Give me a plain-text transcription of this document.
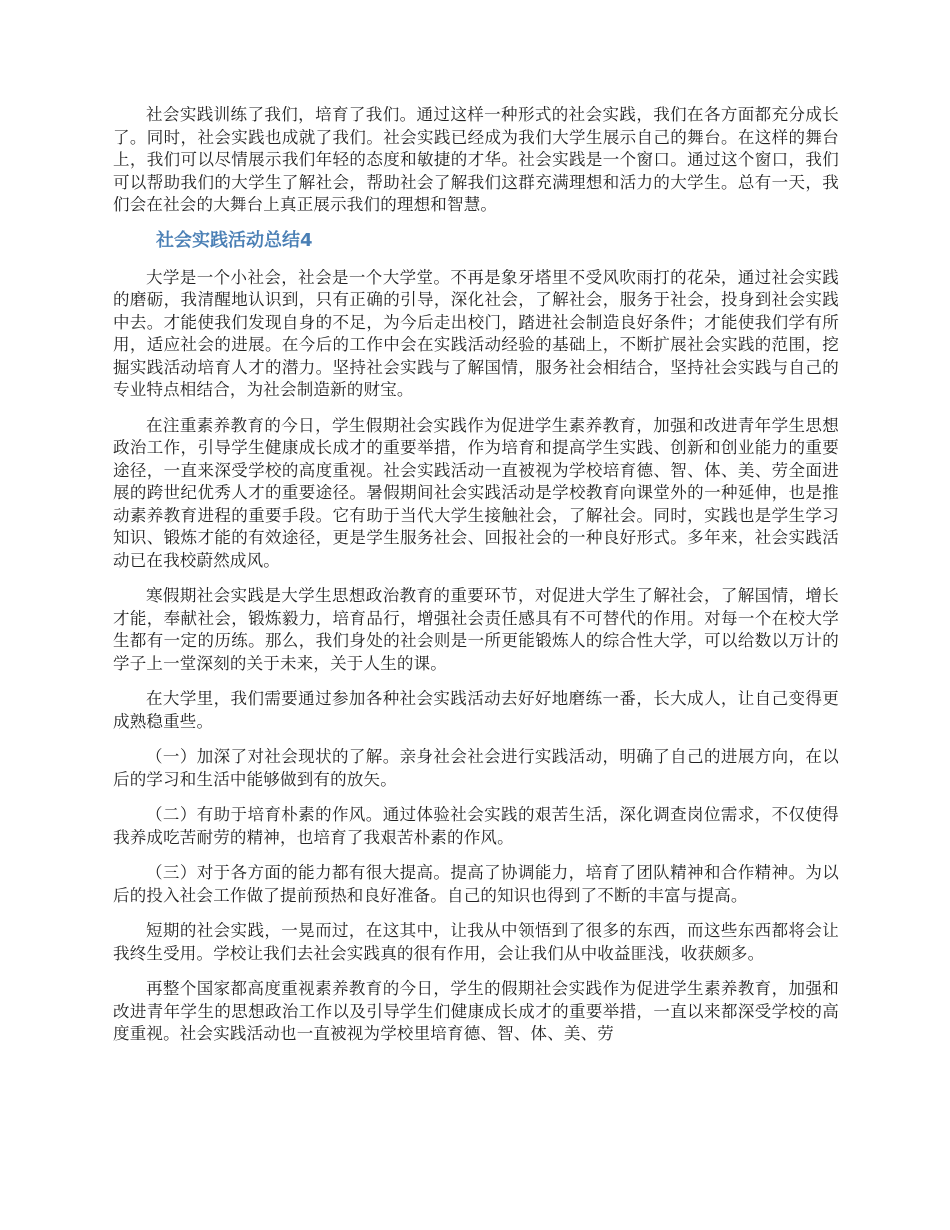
社会实践训练了我们，培育了我们。通过这样一种形式的社会实践，我们在各方面都充分成长了。同时，社会实践也成就了我们。社会实践已经成为我们大学生展示自己的舞台。在这样的舞台上，我们可以尽情展示我们年轻的态度和敏捷的才华。社会实践是一个窗口。通过这个窗口，我们可以帮助我们的大学生了解社会，帮助社会了解我们这群充满理想和活力的大学生。总有一天，我们会在社会的大舞台上真正展示我们的理想和智慧。

社会实践活动总结4

大学是一个小社会，社会是一个大学堂。不再是象牙塔里不受风吹雨打的花朵，通过社会实践的磨砺，我清醒地认识到，只有正确的引导，深化社会，了解社会，服务于社会，投身到社会实践中去。才能使我们发现自身的不足，为今后走出校门，踏进社会制造良好条件；才能使我们学有所用，适应社会的进展。在今后的工作中会在实践活动经验的基础上，不断扩展社会实践的范围，挖掘实践活动培育人才的潜力。坚持社会实践与了解国情，服务社会相结合，坚持社会实践与自己的专业特点相结合，为社会制造新的财宝。

在注重素养教育的今日，学生假期社会实践作为促进学生素养教育，加强和改进青年学生思想政治工作，引导学生健康成长成才的重要举措，作为培育和提高学生实践、创新和创业能力的重要途径，一直来深受学校的高度重视。社会实践活动一直被视为学校培育德、智、体、美、劳全面进展的跨世纪优秀人才的重要途径。暑假期间社会实践活动是学校教育向课堂外的一种延伸，也是推动素养教育进程的重要手段。它有助于当代大学生接触社会，了解社会。同时，实践也是学生学习知识、锻炼才能的有效途径，更是学生服务社会、回报社会的一种良好形式。多年来，社会实践活动已在我校蔚然成风。

寒假期社会实践是大学生思想政治教育的重要环节，对促进大学生了解社会，了解国情，增长才能，奉献社会，锻炼毅力，培育品行，增强社会责任感具有不可替代的作用。对每一个在校大学生都有一定的历练。那么，我们身处的社会则是一所更能锻炼人的综合性大学，可以给数以万计的学子上一堂深刻的关于未来，关于人生的课。

在大学里，我们需要通过参加各种社会实践活动去好好地磨练一番，长大成人，让自己变得更成熟稳重些。

（一）加深了对社会现状的了解。亲身社会社会进行实践活动，明确了自己的进展方向，在以后的学习和生活中能够做到有的放矢。

（二）有助于培育朴素的作风。通过体验社会实践的艰苦生活，深化调查岗位需求，不仅使得我养成吃苦耐劳的精神，也培育了我艰苦朴素的作风。

（三）对于各方面的能力都有很大提高。提高了协调能力，培育了团队精神和合作精神。为以后的投入社会工作做了提前预热和良好准备。自己的知识也得到了不断的丰富与提高。

短期的社会实践，一晃而过，在这其中，让我从中领悟到了很多的东西，而这些东西都将会让我终生受用。学校让我们去社会实践真的很有作用，会让我们从中收益匪浅，收获颇多。

再整个国家都高度重视素养教育的今日，学生的假期社会实践作为促进学生素养教育，加强和改进青年学生的思想政治工作以及引导学生们健康成长成才的重要举措，一直以来都深受学校的高度重视。社会实践活动也一直被视为学校里培育德、智、体、美、劳
